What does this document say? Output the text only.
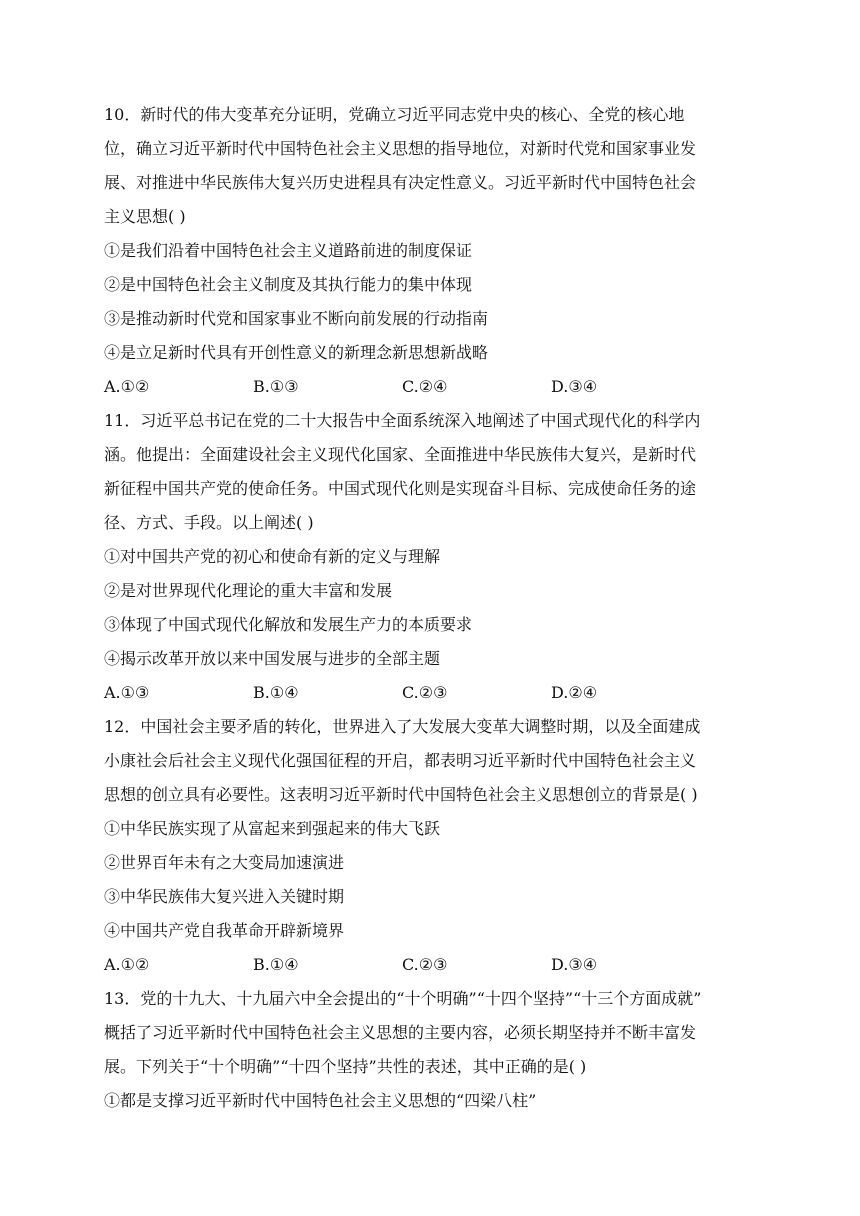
10．新时代的伟大变革充分证明，党确立习近平同志党中央的核心、全党的核心地
位，确立习近平新时代中国特色社会主义思想的指导地位，对新时代党和国家事业发
展、对推进中华民族伟大复兴历史进程具有决定性意义。习近平新时代中国特色社会
主义思想( )
①是我们沿着中国特色社会主义道路前进的制度保证
②是中国特色社会主义制度及其执行能力的集中体现
③是推动新时代党和国家事业不断向前发展的行动指南
④是立足新时代具有开创性意义的新理念新思想新战略
A.①②	B.①③	C.②④	D.③④
11．习近平总书记在党的二十大报告中全面系统深入地阐述了中国式现代化的科学内
涵。他提出：全面建设社会主义现代化国家、全面推进中华民族伟大复兴，是新时代
新征程中国共产党的使命任务。中国式现代化则是实现奋斗目标、完成使命任务的途
径、方式、手段。以上阐述( )
①对中国共产党的初心和使命有新的定义与理解
②是对世界现代化理论的重大丰富和发展
③体现了中国式现代化解放和发展生产力的本质要求
④揭示改革开放以来中国发展与进步的全部主题
A.①③	B.①④	C.②③	D.②④
12．中国社会主要矛盾的转化，世界进入了大发展大变革大调整时期，以及全面建成
小康社会后社会主义现代化强国征程的开启，都表明习近平新时代中国特色社会主义
思想的创立具有必要性。这表明习近平新时代中国特色社会主义思想创立的背景是( )
①中华民族实现了从富起来到强起来的伟大飞跃
②世界百年未有之大变局加速演进
③中华民族伟大复兴进入关键时期
④中国共产党自我革命开辟新境界
A.①②	B.①④	C.②③	D.③④
13．党的十九大、十九届六中全会提出的“十个明确”“十四个坚持”“十三个方面成就”
概括了习近平新时代中国特色社会主义思想的主要内容，必须长期坚持并不断丰富发
展。下列关于“十个明确”“十四个坚持”共性的表述，其中正确的是( )
①都是支撑习近平新时代中国特色社会主义思想的“四梁八柱”
